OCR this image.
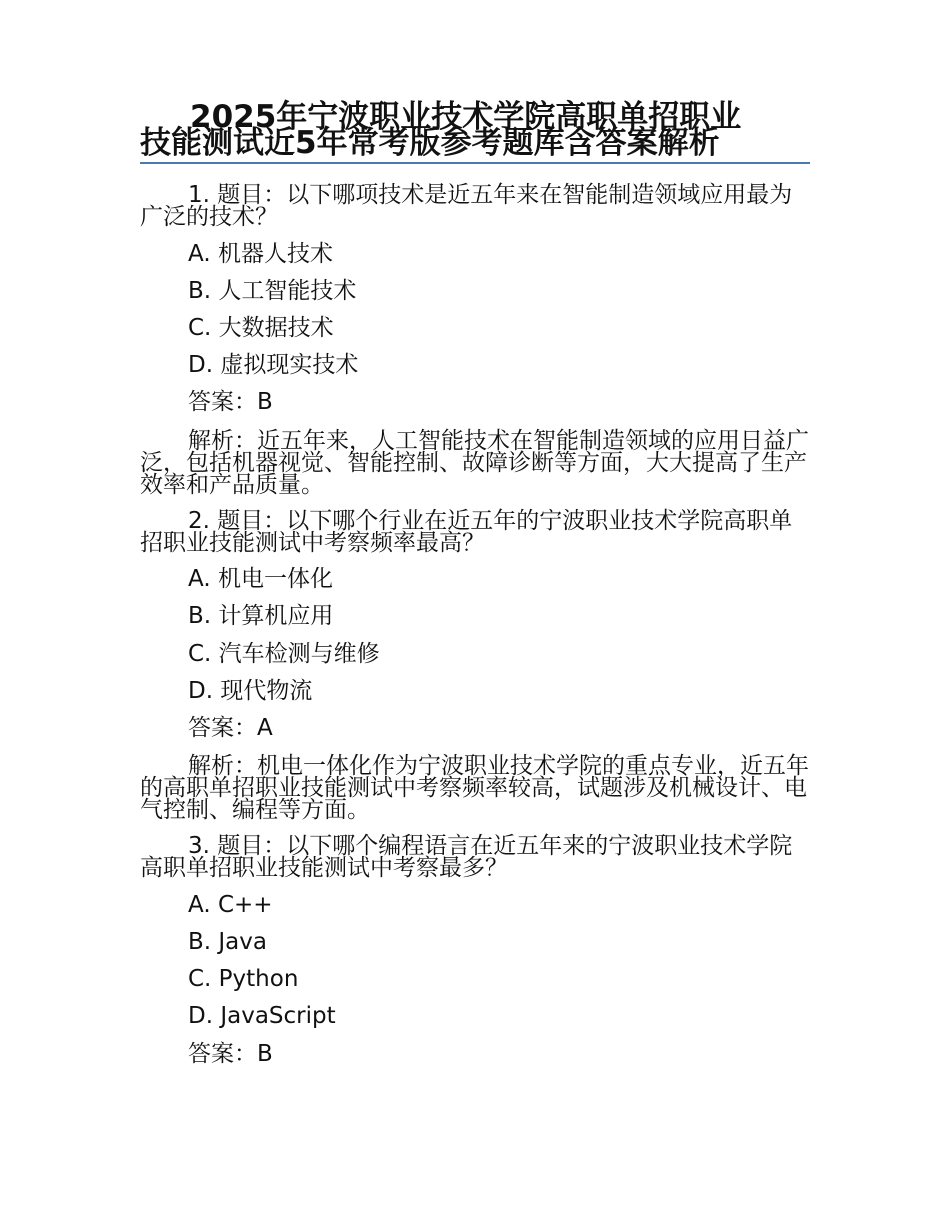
2025年宁波职业技术学院高职单招职业
技能测试近5年常考版参考题库含答案解析
1. 题目：以下哪项技术是近五年来在智能制造领域应用最为广泛的技术？
A. 机器人技术
B. 人工智能技术
C. 大数据技术
D. 虚拟现实技术
答案：B
解析：近五年来，人工智能技术在智能制造领域的应用日益广泛，包括机器视觉、智能控制、故障诊断等方面，大大提高了生产效率和产品质量。
2. 题目：以下哪个行业在近五年的宁波职业技术学院高职单招职业技能测试中考察频率最高？
A. 机电一体化
B. 计算机应用
C. 汽车检测与维修
D. 现代物流
答案：A
解析：机电一体化作为宁波职业技术学院的重点专业，近五年的高职单招职业技能测试中考察频率较高，试题涉及机械设计、电气控制、编程等方面。
3. 题目：以下哪个编程语言在近五年来的宁波职业技术学院高职单招职业技能测试中考察最多？
A. C++
B. Java
C. Python
D. JavaScript
答案：B
